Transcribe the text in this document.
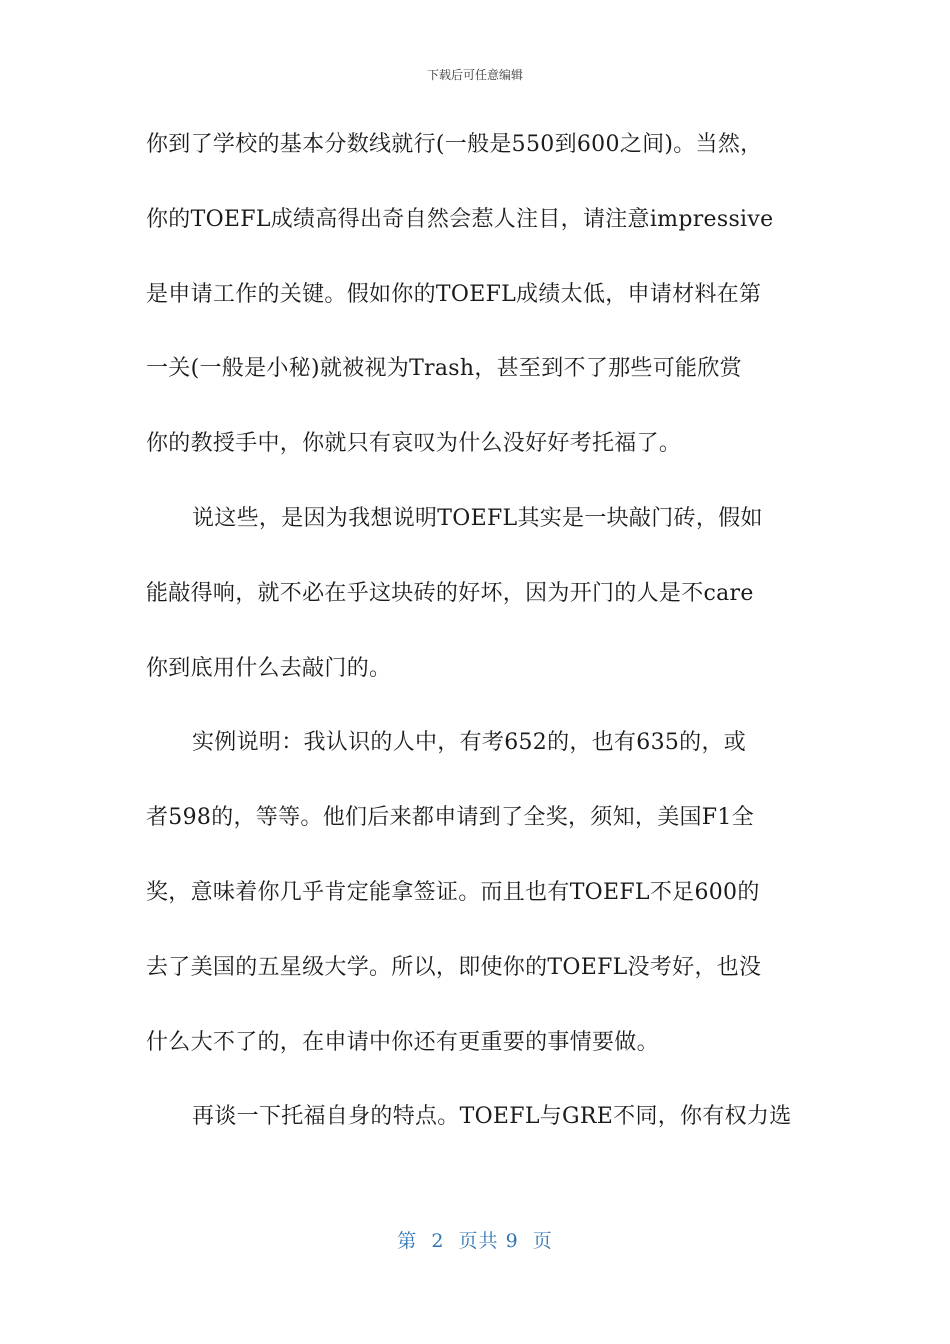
下载后可任意编辑
你到了学校的基本分数线就行(一般是550到600之间)。当然，
你的TOEFL成绩高得出奇自然会惹人注目，请注意impressive
是申请工作的关键。假如你的TOEFL成绩太低，申请材料在第
一关(一般是小秘)就被视为Trash，甚至到不了那些可能欣赏
你的教授手中，你就只有哀叹为什么没好好考托福了。
说这些，是因为我想说明TOEFL其实是一块敲门砖，假如
能敲得响，就不必在乎这块砖的好坏，因为开门的人是不care
你到底用什么去敲门的。
实例说明：我认识的人中，有考652的，也有635的，或
者598的，等等。他们后来都申请到了全奖，须知，美国F1全
奖，意味着你几乎肯定能拿签证。而且也有TOEFL不足600的
去了美国的五星级大学。所以，即使你的TOEFL没考好，也没
什么大不了的，在申请中你还有更重要的事情要做。
再谈一下托福自身的特点。TOEFL与GRE不同，你有权力选
第 2 页共 9 页
